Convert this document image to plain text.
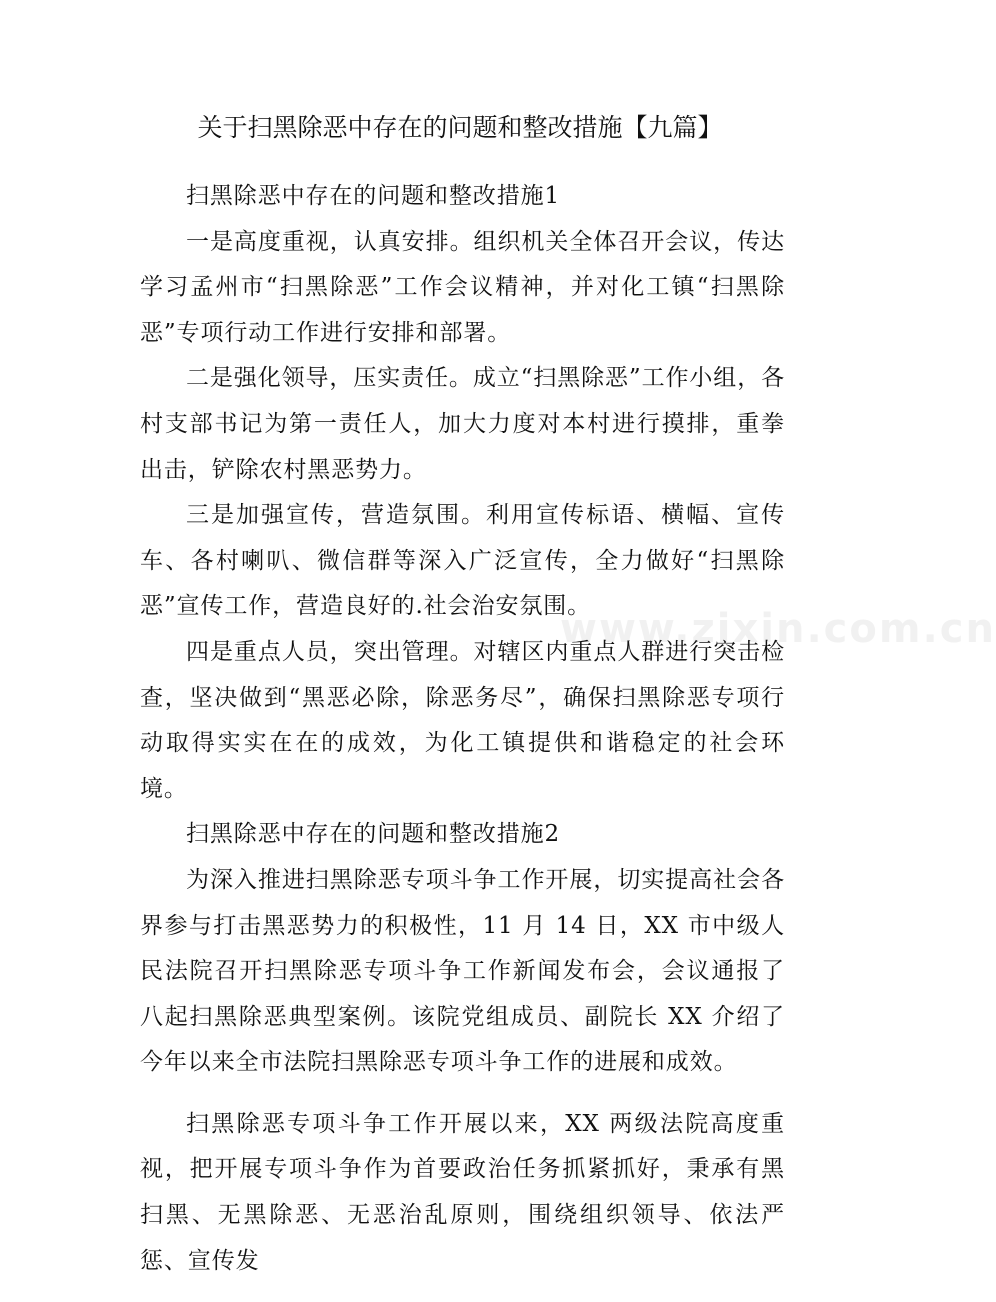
关于扫黑除恶中存在的问题和整改措施【九篇】

扫黑除恶中存在的问题和整改措施1

一是高度重视，认真安排。组织机关全体召开会议，传达学习孟州市“扫黑除恶”工作会议精神，并对化工镇“扫黑除恶”专项行动工作进行安排和部署。

二是强化领导，压实责任。成立“扫黑除恶”工作小组，各村支部书记为第一责任人，加大力度对本村进行摸排，重拳出击，铲除农村黑恶势力。

三是加强宣传，营造氛围。利用宣传标语、横幅、宣传车、各村喇叭、微信群等深入广泛宣传，全力做好“扫黑除恶”宣传工作，营造良好的.社会治安氛围。

四是重点人员，突出管理。对辖区内重点人群进行突击检查，坚决做到“黑恶必除，除恶务尽”，确保扫黑除恶专项行动取得实实在在的成效，为化工镇提供和谐稳定的社会环境。

扫黑除恶中存在的问题和整改措施2

为深入推进扫黑除恶专项斗争工作开展，切实提高社会各界参与打击黑恶势力的积极性，11 月 14 日，XX 市中级人民法院召开扫黑除恶专项斗争工作新闻发布会，会议通报了八起扫黑除恶典型案例。该院党组成员、副院长 XX 介绍了今年以来全市法院扫黑除恶专项斗争工作的进展和成效。

扫黑除恶专项斗争工作开展以来，XX 两级法院高度重视，把开展专项斗争作为首要政治任务抓紧抓好，秉承有黑扫黑、无黑除恶、无恶治乱原则，围绕组织领导、依法严惩、宣传发

www.zixin.com.cn
